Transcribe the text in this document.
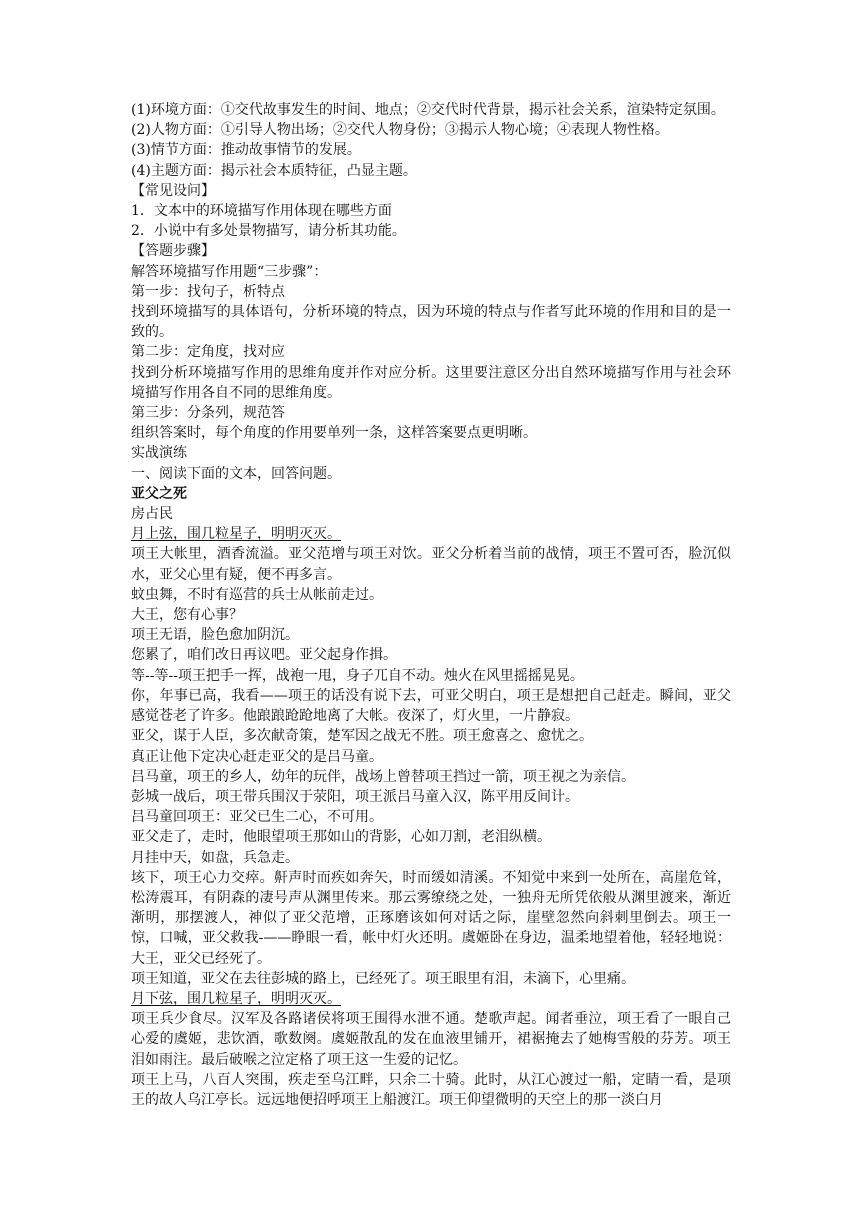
(1)环境方面：①交代故事发生的时间、地点；②交代时代背景，揭示社会关系，渲染特定氛围。

(2)人物方面：①引导人物出场；②交代人物身份；③揭示人物心境；④表现人物性格。

(3)情节方面：推动故事情节的发展。

(4)主题方面：揭示社会本质特征，凸显主题。

【常见设问】

1．文本中的环境描写作用体现在哪些方面

2．小说中有多处景物描写，请分析其功能。

【答题步骤】

解答环境描写作用题“三步骤”：

第一步：找句子，析特点

找到环境描写的具体语句，分析环境的特点，因为环境的特点与作者写此环境的作用和目的是一致的。

第二步：定角度，找对应

找到分析环境描写作用的思维角度并作对应分析。这里要注意区分出自然环境描写作用与社会环境描写作用各自不同的思维角度。

第三步：分条列，规范答

组织答案时，每个角度的作用要单列一条，这样答案要点更明晰。

实战演练

一、阅读下面的文本，回答问题。

亚父之死

房占民

月上弦，围几粒星子，明明灭灭。

项王大帐里，酒香流溢。亚父范增与项王对饮。亚父分析着当前的战情，项王不置可否，脸沉似水，亚父心里有疑，便不再多言。

蚊虫舞，不时有巡营的兵士从帐前走过。

大王，您有心事？

项王无语，脸色愈加阴沉。

您累了，咱们改日再议吧。亚父起身作揖。

等--等--项王把手一挥，战袍一甩，身子兀自不动。烛火在风里摇摇晃晃。

你，年事已高，我看——项王的话没有说下去，可亚父明白，项王是想把自己赶走。瞬间，亚父感觉苍老了许多。他踉踉跄跄地离了大帐。夜深了，灯火里，一片静寂。

亚父，谋于人臣，多次献奇策，楚军因之战无不胜。项王愈喜之、愈忧之。

真正让他下定决心赶走亚父的是吕马童。

吕马童，项王的乡人，幼年的玩伴，战场上曾替项王挡过一箭，项王视之为亲信。

彭城一战后，项王带兵围汉于荥阳，项王派吕马童入汉，陈平用反间计。

吕马童回项王：亚父已生二心，不可用。

亚父走了，走时，他眼望项王那如山的背影，心如刀割，老泪纵横。

月挂中天，如盘，兵急走。

垓下，项王心力交瘁。鼾声时而疾如奔矢，时而缓如清溪。不知觉中来到一处所在，高崖危耸，松涛震耳，有阴森的凄号声从渊里传来。那云雾缭绕之处，一独舟无所凭依般从渊里渡来，渐近渐明，那摆渡人，神似了亚父范增，正琢磨该如何对话之际，崖壁忽然向斜刺里倒去。项王一惊，口喊，亚父救我-——睁眼一看，帐中灯火还明。虞姬卧在身边，温柔地望着他，轻轻地说：大王，亚父已经死了。

项王知道，亚父在去往彭城的路上，已经死了。项王眼里有泪，未滴下，心里痛。

月下弦，围几粒星子，明明灭灭。

项王兵少食尽。汉军及各路诸侯将项王围得水泄不通。楚歌声起。闻者垂泣，项王看了一眼自己心爱的虞姬，悲饮酒，歌数阕。虞姬散乱的发在血液里铺开，裙裾掩去了她梅雪般的芬芳。项王泪如雨注。最后破喉之泣定格了项王这一生爱的记忆。

项王上马，八百人突围，疾走至乌江畔，只余二十骑。此时，从江心渡过一船，定睛一看，是项王的故人乌江亭长。远远地便招呼项王上船渡江。项王仰望微明的天空上的那一淡白月
